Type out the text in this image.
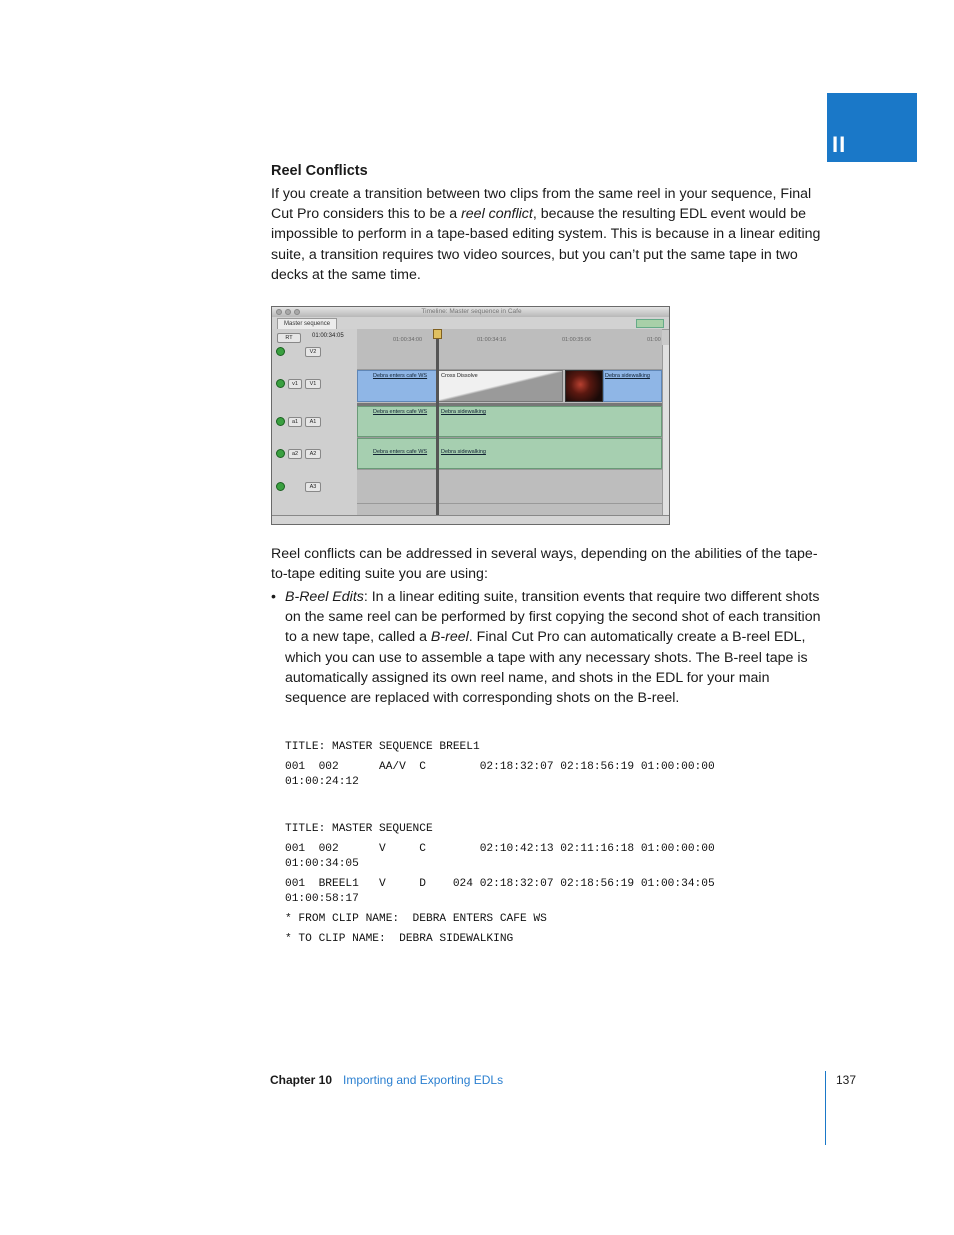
II
Reel Conflicts
If you create a transition between two clips from the same reel in your sequence, Final Cut Pro considers this to be a reel conflict, because the resulting EDL event would be impossible to perform in a tape-based editing system. This is because in a linear editing suite, a transition requires two video sources, but you can’t put the same tape in two decks at the same time.
Timeline: Master sequence in Cafe
Master sequence
RT	01:00:34:05
V2
v1	V1
a1	A1
a2	A2
A3
01:00:34:00	01:00:34:16	01:00:35:06	01:00
Debra enters cafe WS	Cross Dissolve	Debra sidewalking
Debra enters cafe WS	Debra sidewalking
Debra enters cafe WS	Debra sidewalking
Reel conflicts can be addressed in several ways, depending on the abilities of the tape-to-tape editing suite you are using:
• B-Reel Edits: In a linear editing suite, transition events that require two different shots on the same reel can be performed by first copying the second shot of each transition to a new tape, called a B-reel. Final Cut Pro can automatically create a B-reel EDL, which you can use to assemble a tape with any necessary shots. The B-reel tape is automatically assigned its own reel name, and shots in the EDL for your main sequence are replaced with corresponding shots on the B-reel.
TITLE: MASTER SEQUENCE BREEL1
001  002      AA/V  C        02:18:32:07 02:18:56:19 01:00:00:00
01:00:24:12
TITLE: MASTER SEQUENCE
001  002      V     C        02:10:42:13 02:11:16:18 01:00:00:00
01:00:34:05
001  BREEL1   V     D    024 02:18:32:07 02:18:56:19 01:00:34:05
01:00:58:17
* FROM CLIP NAME:  DEBRA ENTERS CAFE WS
* TO CLIP NAME:  DEBRA SIDEWALKING
Chapter 10 Importing and Exporting EDLs	137
